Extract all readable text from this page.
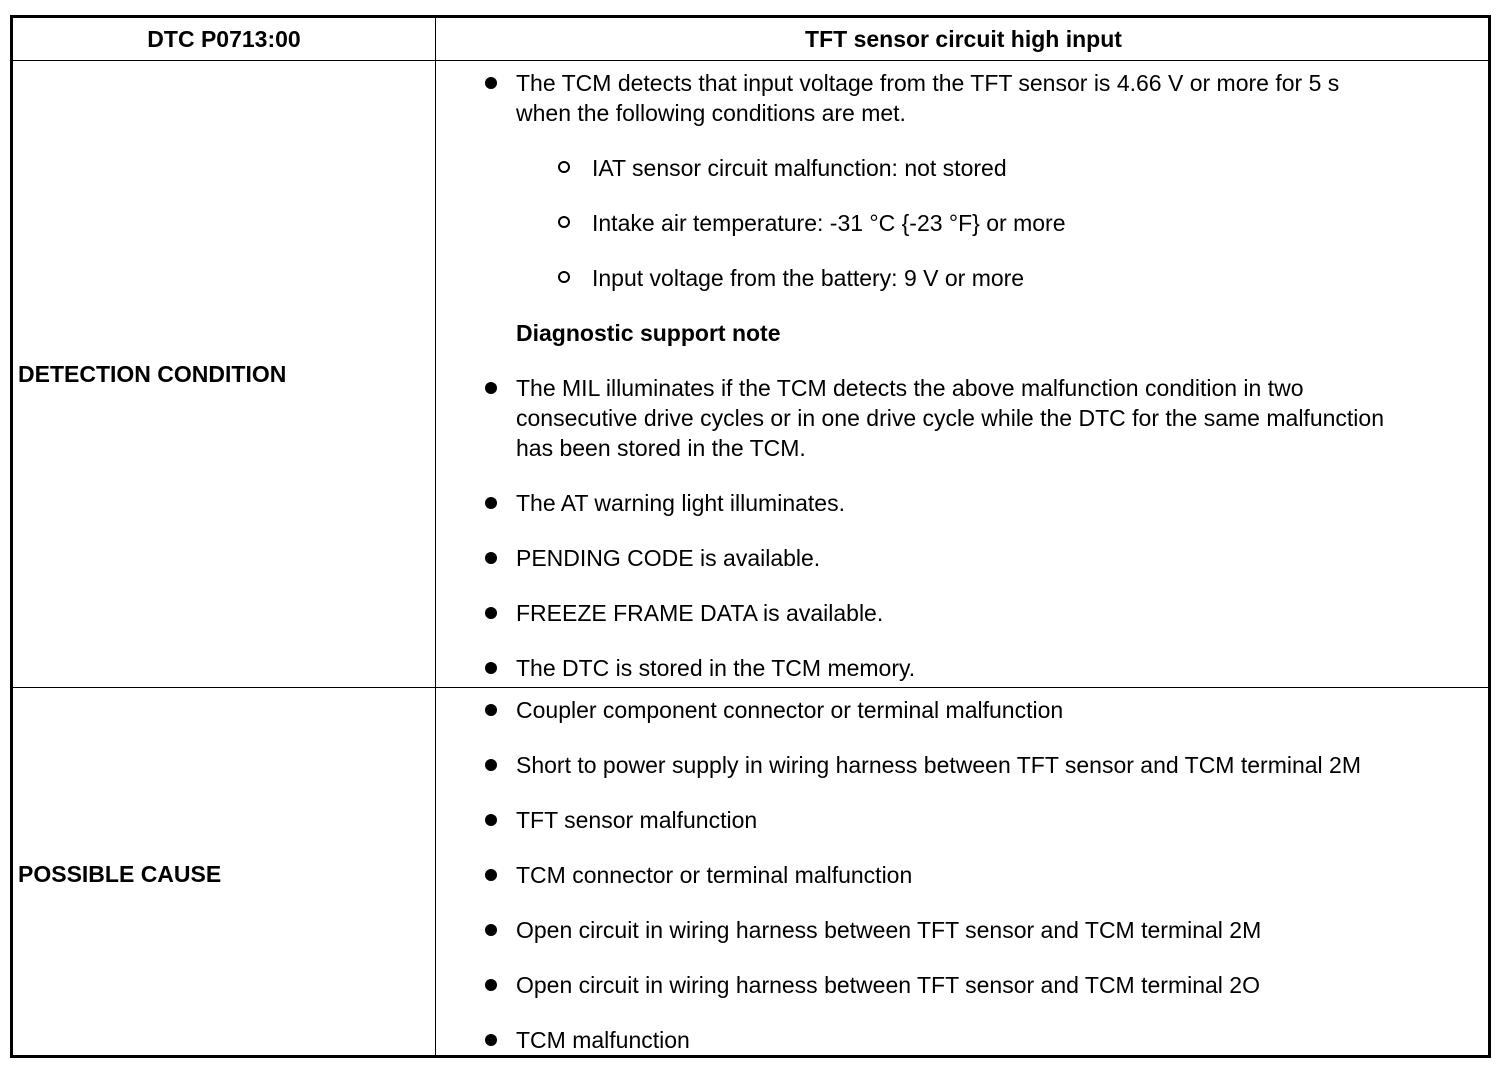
DTC P0713:00	TFT sensor circuit high input
DETECTION CONDITION
The TCM detects that input voltage from the TFT sensor is 4.66 V or more for 5 s
when the following conditions are met.
IAT sensor circuit malfunction: not stored
Intake air temperature: -31 °C {-23 °F} or more
Input voltage from the battery: 9 V or more
Diagnostic support note
The MIL illuminates if the TCM detects the above malfunction condition in two
consecutive drive cycles or in one drive cycle while the DTC for the same malfunction
has been stored in the TCM.
The AT warning light illuminates.
PENDING CODE is available.
FREEZE FRAME DATA is available.
The DTC is stored in the TCM memory.
POSSIBLE CAUSE
Coupler component connector or terminal malfunction
Short to power supply in wiring harness between TFT sensor and TCM terminal 2M
TFT sensor malfunction
TCM connector or terminal malfunction
Open circuit in wiring harness between TFT sensor and TCM terminal 2M
Open circuit in wiring harness between TFT sensor and TCM terminal 2O
TCM malfunction
